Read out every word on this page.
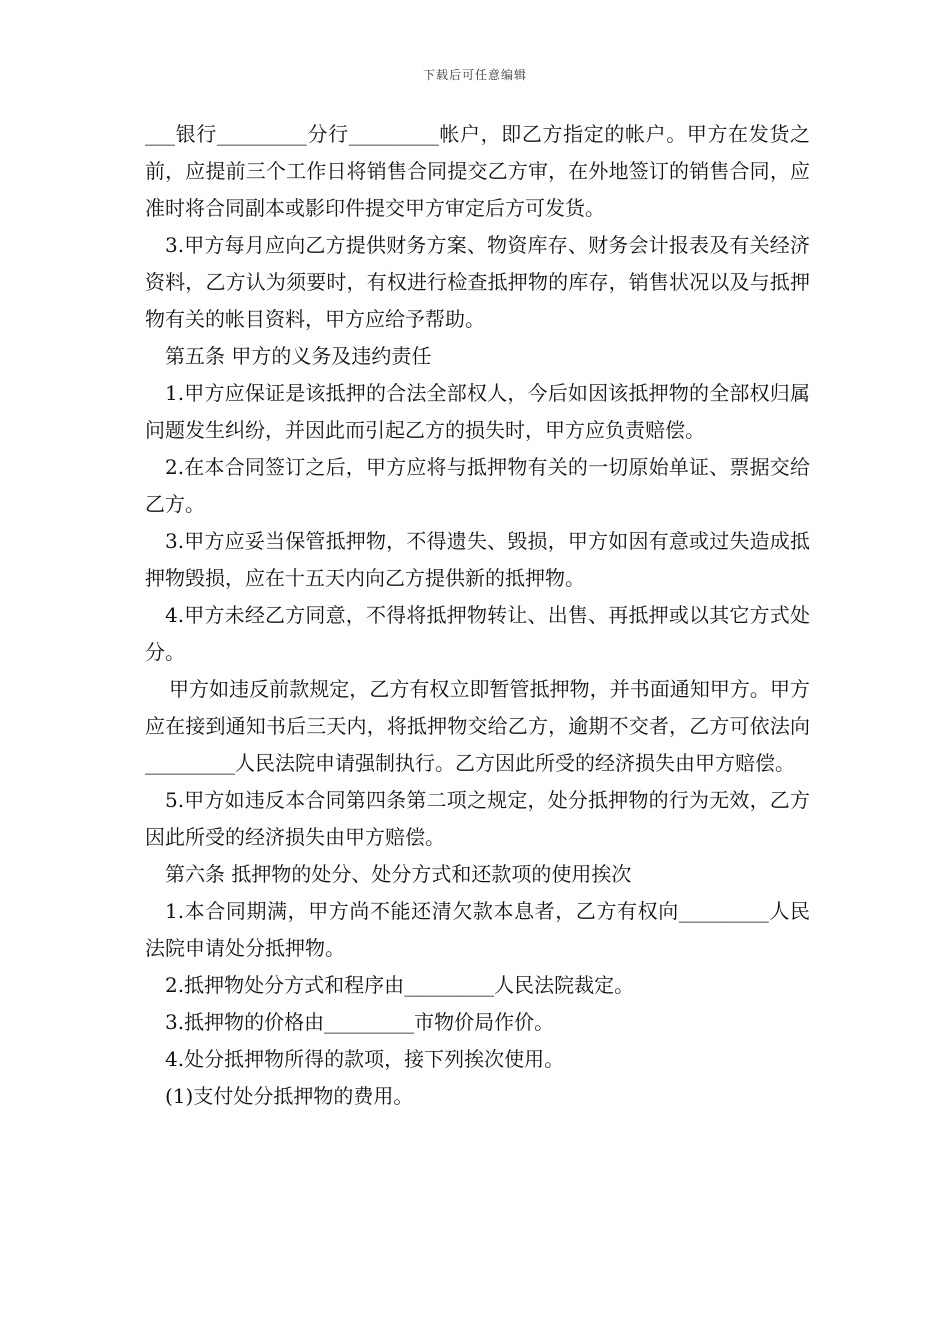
下载后可任意编辑

___银行_________分行_________帐户，即乙方指定的帐户。甲方在发货之前，应提前三个工作日将销售合同提交乙方审，在外地签订的销售合同，应准时将合同副本或影印件提交甲方审定后方可发货。

3.甲方每月应向乙方提供财务方案、物资库存、财务会计报表及有关经济资料，乙方认为须要时，有权进行检查抵押物的库存，销售状况以及与抵押物有关的帐目资料，甲方应给予帮助。

第五条 甲方的义务及违约责任

1.甲方应保证是该抵押的合法全部权人，今后如因该抵押物的全部权归属问题发生纠纷，并因此而引起乙方的损失时，甲方应负责赔偿。

2.在本合同签订之后，甲方应将与抵押物有关的一切原始单证、票据交给乙方。

3.甲方应妥当保管抵押物，不得遗失、毁损，甲方如因有意或过失造成抵押物毁损，应在十五天内向乙方提供新的抵押物。

4.甲方未经乙方同意，不得将抵押物转让、出售、再抵押或以其它方式处分。

甲方如违反前款规定，乙方有权立即暂管抵押物，并书面通知甲方。甲方应在接到通知书后三天内，将抵押物交给乙方，逾期不交者，乙方可依法向_________人民法院申请强制执行。乙方因此所受的经济损失由甲方赔偿。

5.甲方如违反本合同第四条第二项之规定，处分抵押物的行为无效，乙方因此所受的经济损失由甲方赔偿。

第六条 抵押物的处分、处分方式和还款项的使用挨次

1.本合同期满，甲方尚不能还清欠款本息者，乙方有权向_________人民法院申请处分抵押物。

2.抵押物处分方式和程序由_________人民法院裁定。

3.抵押物的价格由_________市物价局作价。

4.处分抵押物所得的款项，接下列挨次使用。

(1)支付处分抵押物的费用。
